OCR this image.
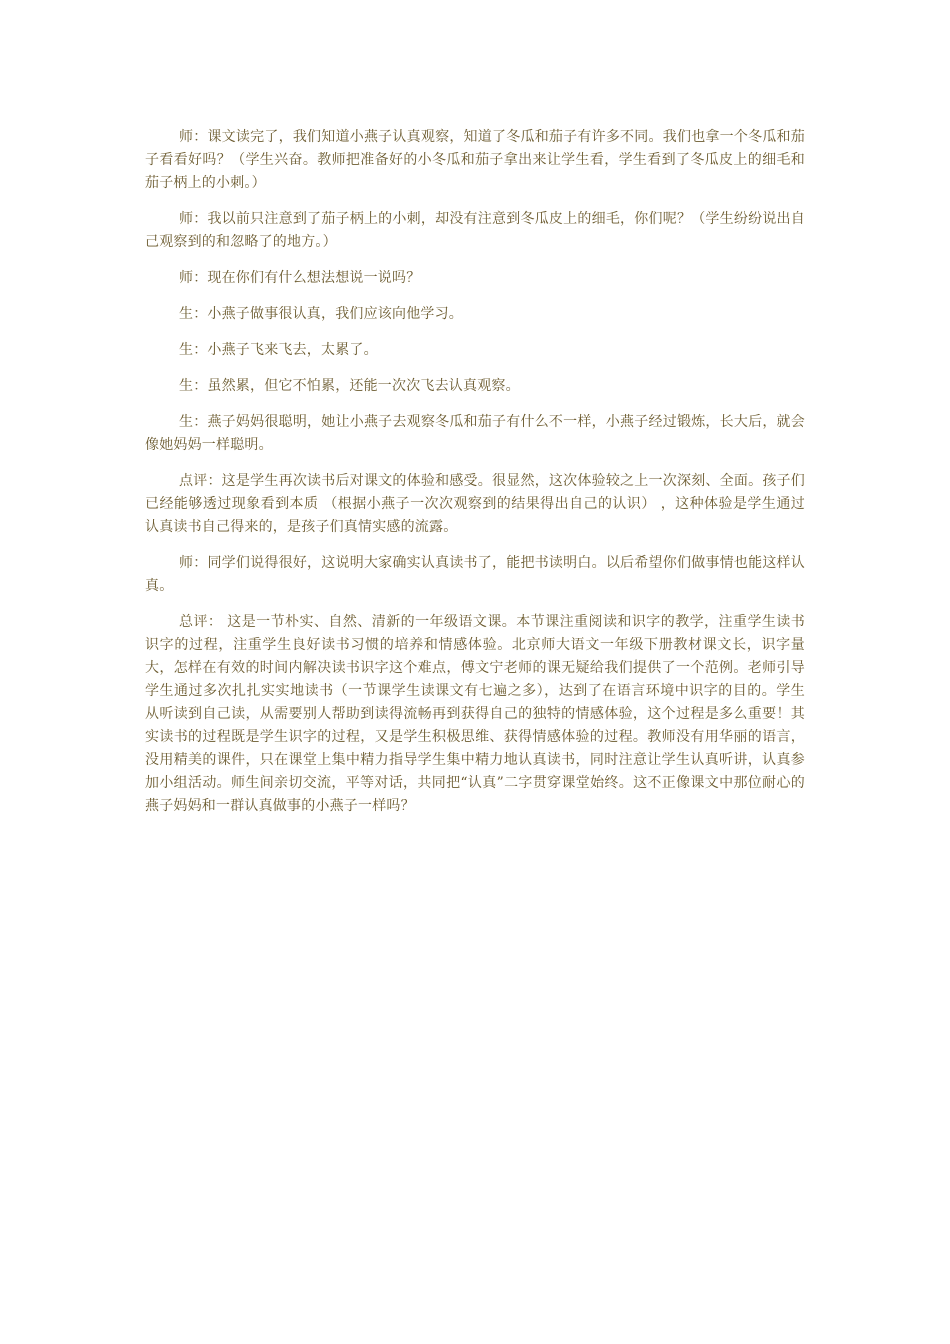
师：课文读完了，我们知道小燕子认真观察，知道了冬瓜和茄子有许多不同。我们也拿一个冬瓜和茄子看看好吗？（学生兴奋。教师把准备好的小冬瓜和茄子拿出来让学生看，学生看到了冬瓜皮上的细毛和茄子柄上的小刺。）

师：我以前只注意到了茄子柄上的小刺，却没有注意到冬瓜皮上的细毛，你们呢？（学生纷纷说出自己观察到的和忽略了的地方。）

师：现在你们有什么想法想说一说吗？

生：小燕子做事很认真，我们应该向他学习。

生：小燕子飞来飞去，太累了。

生：虽然累，但它不怕累，还能一次次飞去认真观察。

生：燕子妈妈很聪明，她让小燕子去观察冬瓜和茄子有什么不一样，小燕子经过锻炼，长大后，就会像她妈妈一样聪明。

点评：这是学生再次读书后对课文的体验和感受。很显然，这次体验较之上一次深刻、全面。孩子们已经能够透过现象看到本质 （根据小燕子一次次观察到的结果得出自己的认识） ，这种体验是学生通过认真读书自己得来的，是孩子们真情实感的流露。

师：同学们说得很好，这说明大家确实认真读书了，能把书读明白。以后希望你们做事情也能这样认真。

总评： 这是一节朴实、自然、清新的一年级语文课。本节课注重阅读和识字的教学，注重学生读书识字的过程，注重学生良好读书习惯的培养和情感体验。北京师大语文一年级下册教材课文长，识字量大，怎样在有效的时间内解决读书识字这个难点，傅文宁老师的课无疑给我们提供了一个范例。老师引导学生通过多次扎扎实实地读书（一节课学生读课文有七遍之多），达到了在语言环境中识字的目的。学生从听读到自己读，从需要别人帮助到读得流畅再到获得自己的独特的情感体验，这个过程是多么重要！其实读书的过程既是学生识字的过程，又是学生积极思维、获得情感体验的过程。教师没有用华丽的语言，没用精美的课件，只在课堂上集中精力指导学生集中精力地认真读书，同时注意让学生认真听讲，认真参加小组活动。师生间亲切交流，平等对话，共同把“认真”二字贯穿课堂始终。这不正像课文中那位耐心的燕子妈妈和一群认真做事的小燕子一样吗？
